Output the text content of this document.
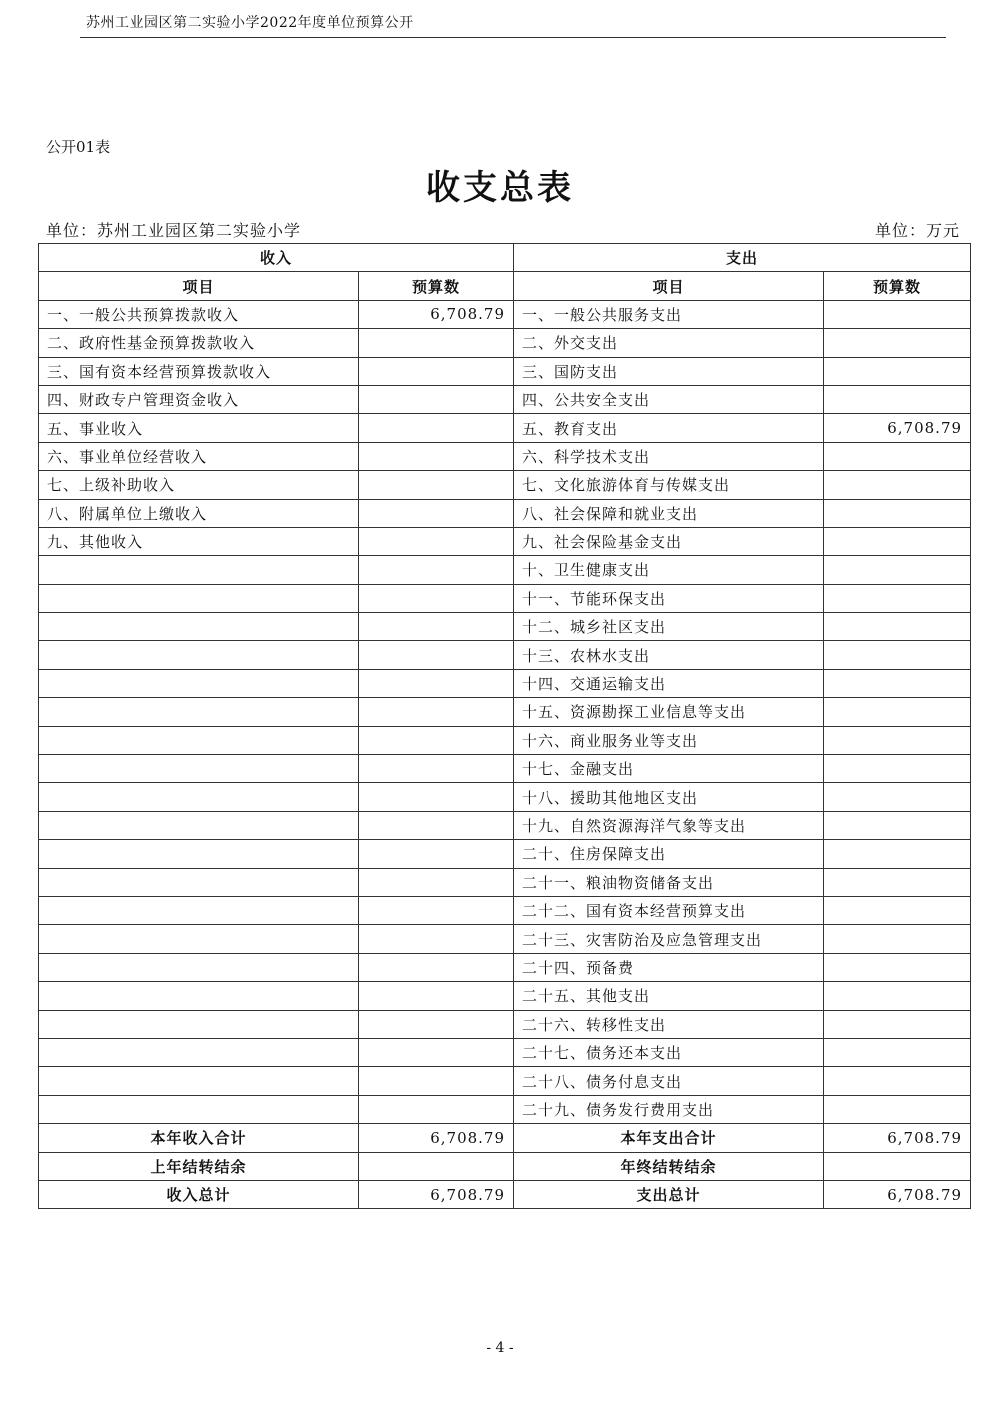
苏州工业园区第二实验小学2022年度单位预算公开
公开01表
收支总表
单位：苏州工业园区第二实验小学	单位：万元
收入		支出	
项目	预算数	项目	预算数
一、一般公共预算拨款收入	6,708.79	一、一般公共服务支出	
二、政府性基金预算拨款收入		二、外交支出	
三、国有资本经营预算拨款收入		三、国防支出	
四、财政专户管理资金收入		四、公共安全支出	
五、事业收入		五、教育支出	6,708.79
六、事业单位经营收入		六、科学技术支出	
七、上级补助收入		七、文化旅游体育与传媒支出	
八、附属单位上缴收入		八、社会保障和就业支出	
九、其他收入		九、社会保险基金支出	
		十、卫生健康支出	
		十一、节能环保支出	
		十二、城乡社区支出	
		十三、农林水支出	
		十四、交通运输支出	
		十五、资源勘探工业信息等支出	
		十六、商业服务业等支出	
		十七、金融支出	
		十八、援助其他地区支出	
		十九、自然资源海洋气象等支出	
		二十、住房保障支出	
		二十一、粮油物资储备支出	
		二十二、国有资本经营预算支出	
		二十三、灾害防治及应急管理支出	
		二十四、预备费	
		二十五、其他支出	
		二十六、转移性支出	
		二十七、债务还本支出	
		二十八、债务付息支出	
		二十九、债务发行费用支出	
本年收入合计	6,708.79	本年支出合计	6,708.79
上年结转结余		年终结转结余	
收入总计	6,708.79	支出总计	6,708.79
- 4 -
